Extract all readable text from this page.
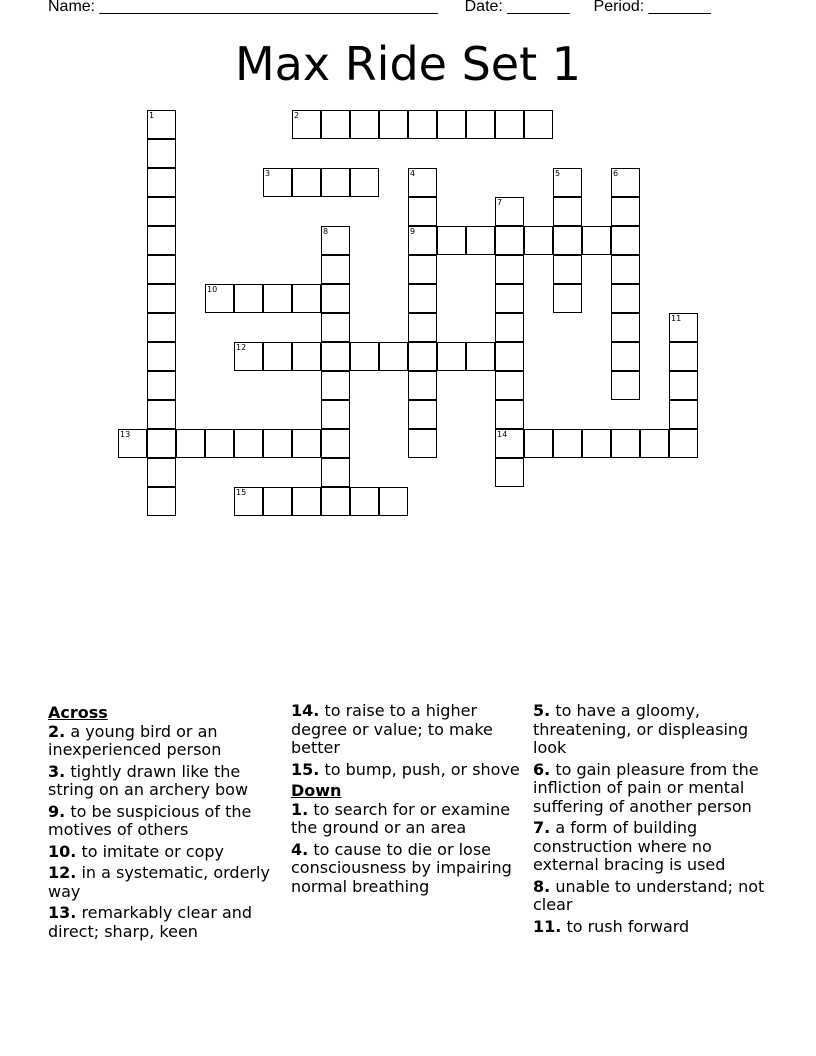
Name: ______________________________________ Date: _______ Period: _______
Max Ride Set 1
1	2
3	4
9
5	6
7
14
8
10
11
12
13
15
Across
2. a young bird or an inexperienced person
3. tightly drawn like the string on an archery bow
9. to be suspicious of the motives of others
10. to imitate or copy
12. in a systematic, orderly way
13. remarkably clear and direct; sharp, keen
14. to raise to a higher degree or value; to make better
15. to bump, push, or shove
Down
1. to search for or examine the ground or an area
4. to cause to die or lose consciousness by impairing normal breathing
5. to have a gloomy, threatening, or displeasing look
6. to gain pleasure from the infliction of pain or mental suffering of another person
7. a form of building construction where no external bracing is used
8. unable to understand; not clear
11. to rush forward
